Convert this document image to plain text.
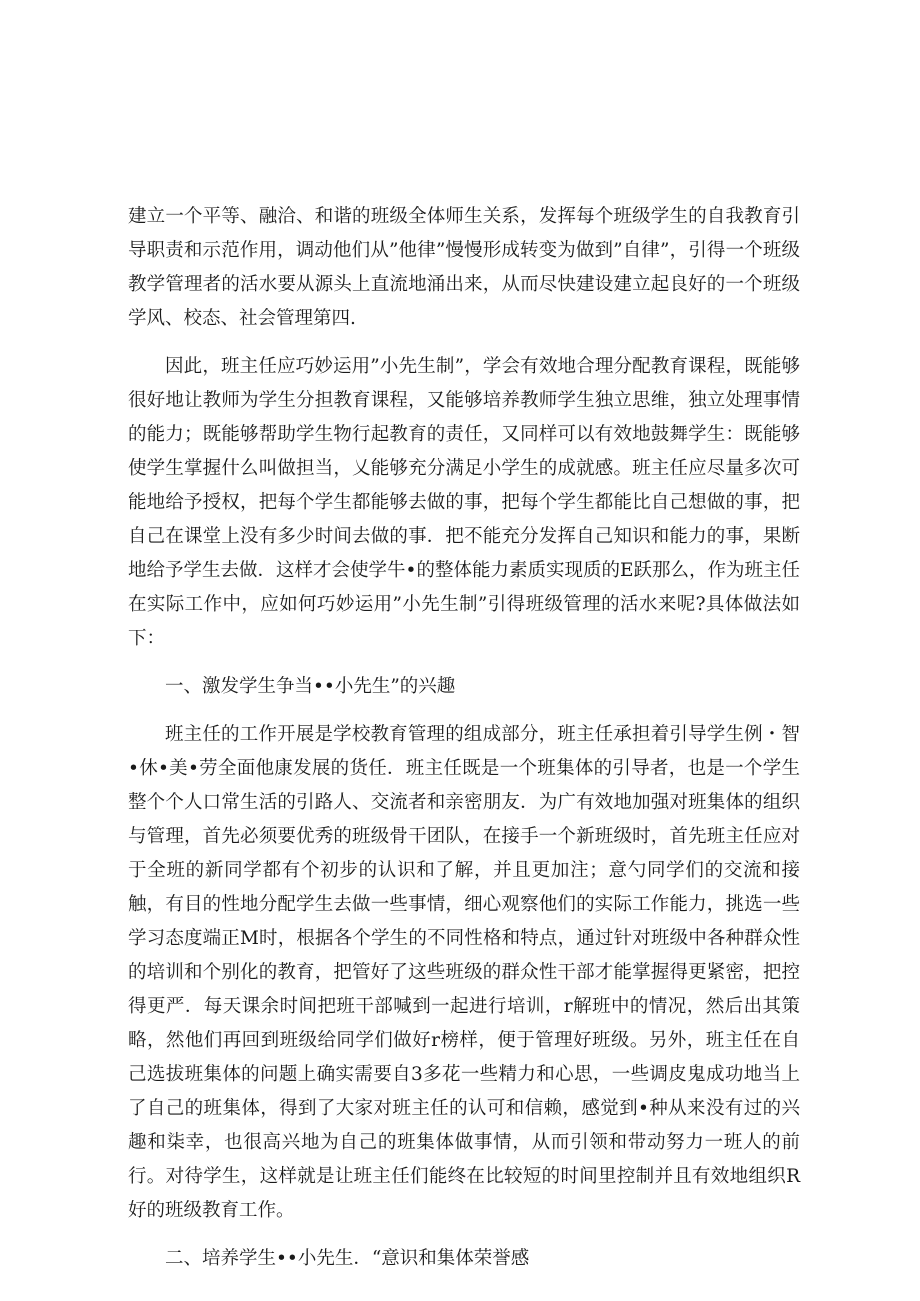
建立一个平等、融洽、和谐的班级全体师生关系，发挥每个班级学生的自我教育引导职责和示范作用，调动他们从”他律”慢慢形成转变为做到”自律”，引得一个班级教学管理者的活水要从源头上直流地涌出来，从而尽快建设建立起良好的一个班级学风、校态、社会管理第四.

因此，班主任应巧妙运用”小先生制”，学会有效地合理分配教育课程，既能够很好地让教师为学生分担教育课程，又能够培养教师学生独立思维，独立处理事情的能力；既能够帮助学生物行起教育的责任，又同样可以有效地鼓舞学生：既能够使学生掌握什么叫做担当，乂能够充分满足小学生的成就感。班主任应尽量多次可能地给予授权，把每个学生都能够去做的事，把每个学生都能比自己想做的事，把自己在课堂上没有多少时间去做的事．把不能充分发挥自己知识和能力的事，果断地给予学生去做．这样才会使学牛•的整体能力素质实现质的E跃那么，作为班主任在实际工作中，应如何巧妙运用”小先生制”引得班级管理的活水来呢?具体做法如下：

一、激发学生争当••小先生”的兴趣

班主任的工作开展是学校教育管理的组成部分，班主任承担着引导学生例・智•休•美•劳全面他康发展的货任．班主任既是一个班集体的引导者，也是一个学生整个个人口常生活的引路人、交流者和亲密朋友．为广有效地加强对班集体的组织与管理，首先必须要优秀的班级骨干团队，在接手一个新班级时，首先班主任应对于全班的新同学都有个初步的认识和了解，并且更加注；意勺同学们的交流和接触，有目的性地分配学生去做一些事情，细心观察他们的实际工作能力，挑选一些学习态度端正M时，根据各个学生的不同性格和特点，通过针对班级中各种群众性的培训和个别化的教育，把管好了这些班级的群众性干部才能掌握得更紧密，把控得更严．每天课余时间把班干部喊到一起进行培训，r解班中的情况，然后出其策略，然他们再回到班级给同学们做好r榜样，便于管理好班级。另外，班主任在自己选拔班集体的问题上确实需要自3多花一些精力和心思，一些调皮鬼成功地当上了自己的班集体，得到了大家对班主任的认可和信赖，感觉到•种从来没有过的兴趣和柒幸，也很高兴地为自己的班集体做事情，从而引领和带动努力一班人的前行。对待学生，这样就是让班主任们能终在比较短的时间里控制并且有效地组织R好的班级教育工作。

二、培养学生••小先生．“意识和集体荣誉感
